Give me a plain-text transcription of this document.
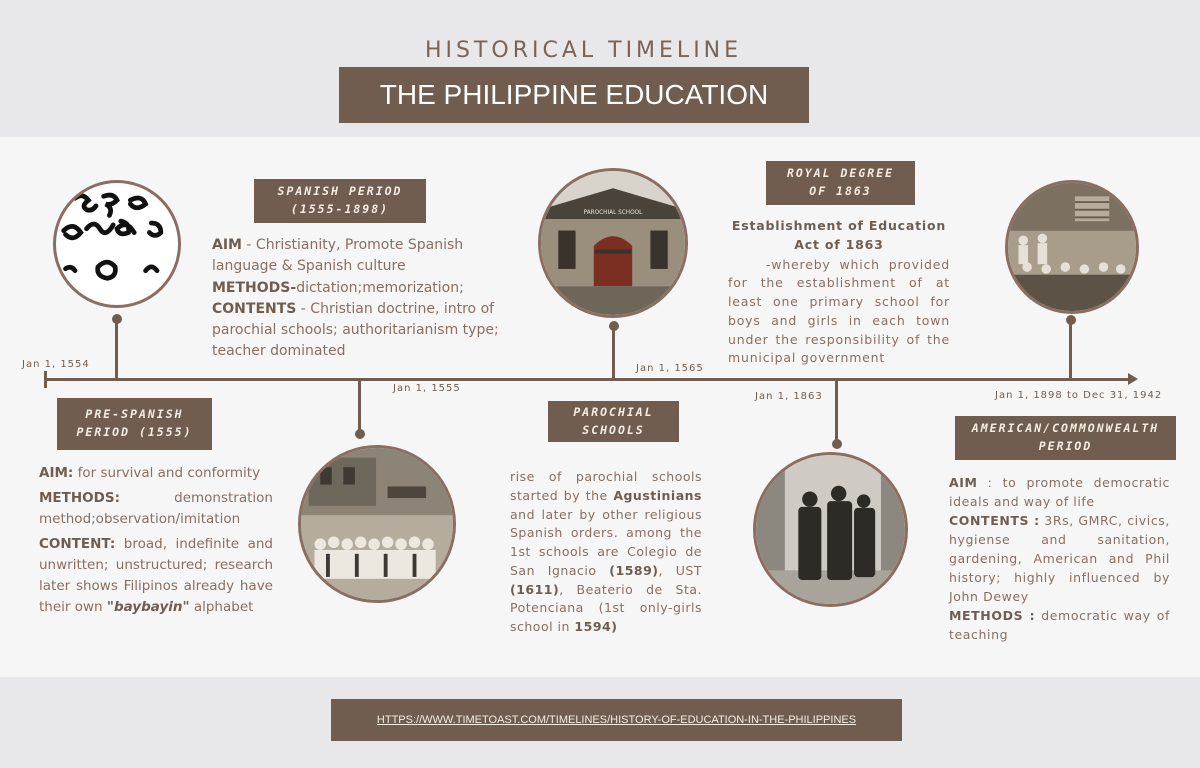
HISTORICAL TIMELINE
THE PHILIPPINE EDUCATION
PAROCHIAL SCHOOL
Jan 1, 1554
Jan 1, 1555
Jan 1, 1565
Jan 1, 1863	Jan 1, 1898 to Dec 31, 1942
PRE-SPANISH
PERIOD (1555)
AIM: for survival and conformity
METHODS: demonstration method;observation/imitation
CONTENT: broad, indefinite and unwritten; unstructured; research later shows Filipinos already have their own "baybayin" alphabet
SPANISH PERIOD
(1555-1898)
AIM - Christianity, Promote Spanish language & Spanish culture
METHODS-dictation;memorization;
CONTENTS - Christian doctrine, intro of parochial schools; authoritarianism type; teacher dominated
PAROCHIAL
SCHOOLS
rise of parochial schools started by the Agustinians and later by other religious Spanish orders. among the 1st schools are Colegio de San Ignacio (1589), UST (1611), Beaterio de Sta. Potenciana (1st only-girls school in 1594)
ROYAL DEGREE
OF 1863
Establishment of Education Act of 1863
-whereby which provided for the establishment of at least one primary school for boys and girls in each town under the responsibility of the municipal government
AMERICAN/COMMONWEALTH
PERIOD
AIM : to promote democratic ideals and way of life
CONTENTS : 3Rs, GMRC, civics, hygiense and sanitation, gardening, American and Phil history; highly influenced by John Dewey
METHODS : democratic way of teaching
HTTPS://WWW.TIMETOAST.COM/TIMELINES/HISTORY-OF-EDUCATION-IN-THE-PHILIPPINES
